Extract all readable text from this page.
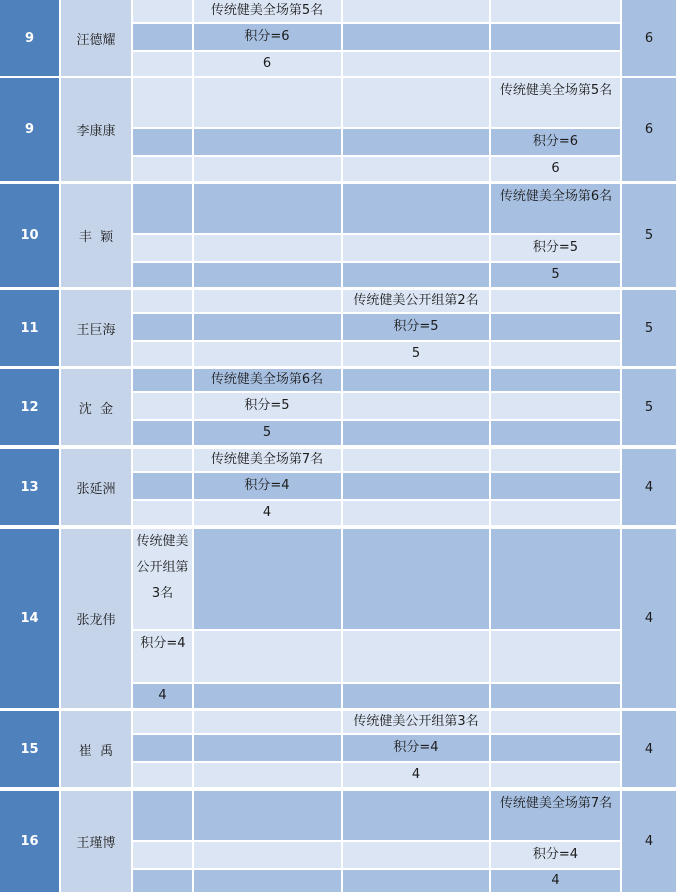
9	汪德耀
传统健美全场第5名
积分=6
6
6
9	李康康
传统健美全场第5名
积分=6
6
6
10	丰  颖
传统健美全场第6名
积分=5
5
5
11	王巨海
传统健美公开组第2名
积分=5
5
5
12	沈  金
传统健美全场第6名
积分=5
5
5
13	张延洲
传统健美全场第7名
积分=4
4
4
14	张龙伟
传统健美公开组第3名
积分=4
4
4
15	崔  禹
传统健美公开组第3名
积分=4
4
4
16	王瑾博
传统健美全场第7名
积分=4
4
4
